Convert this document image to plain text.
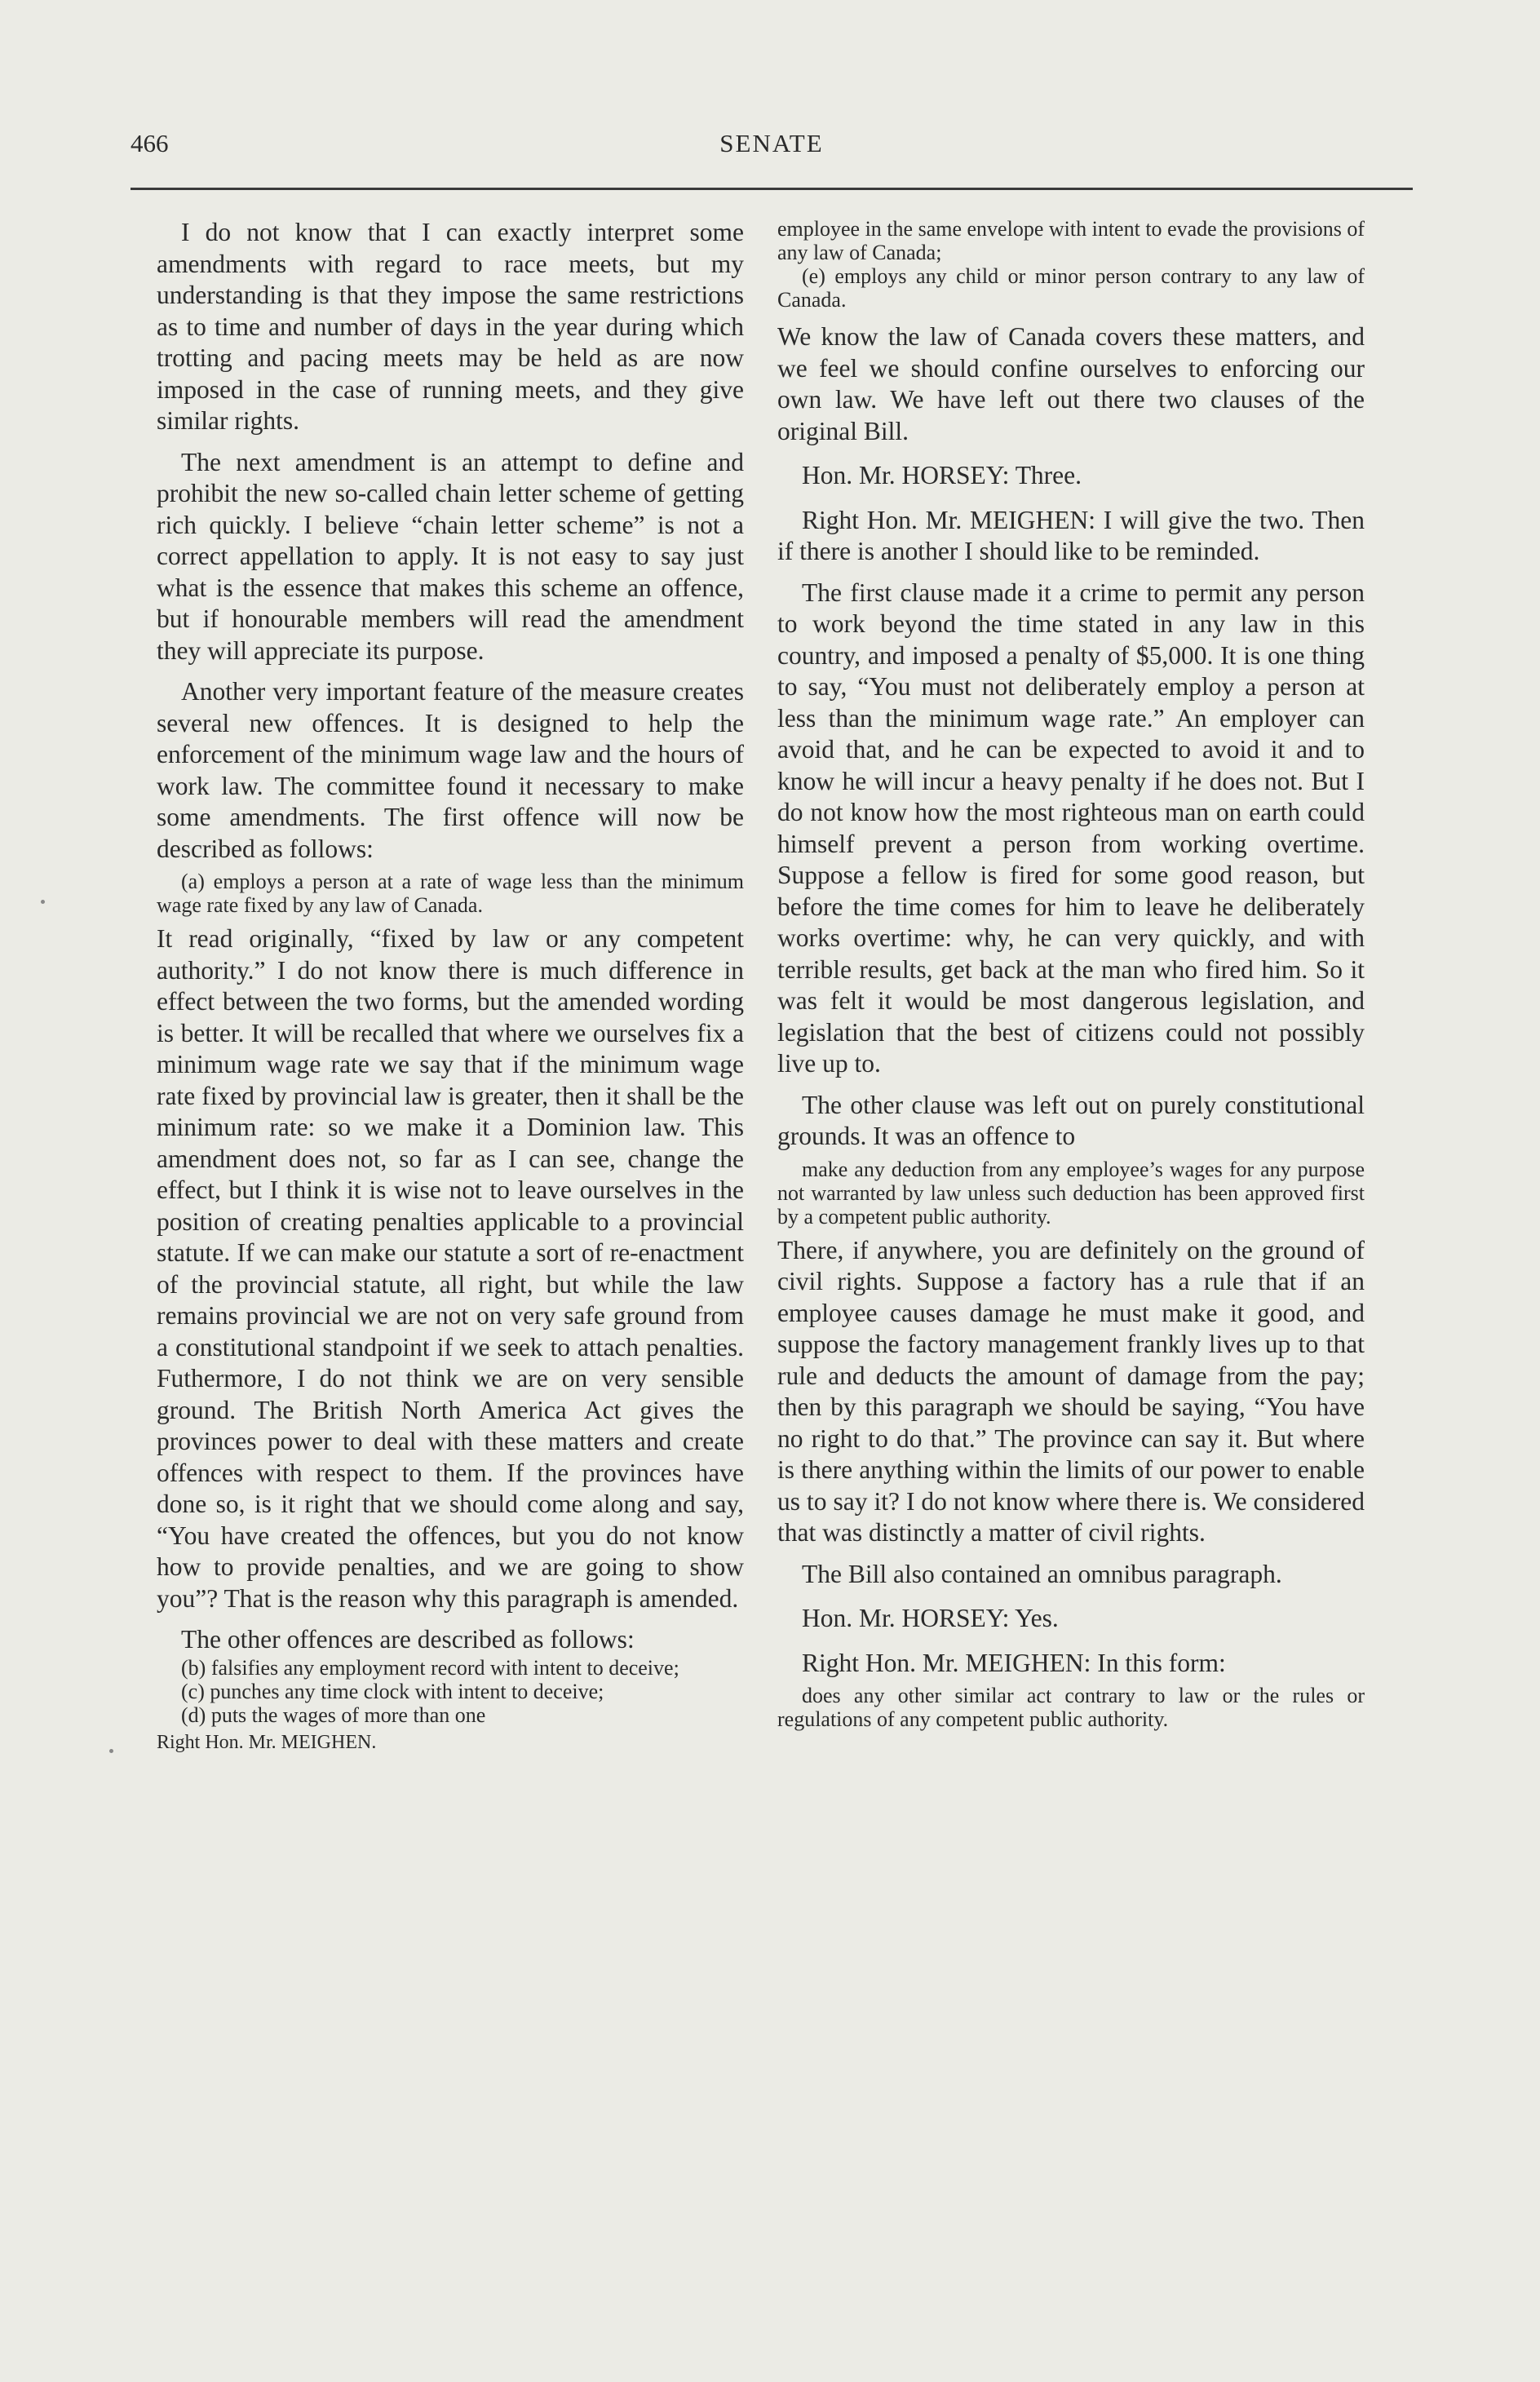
466	SENATE

I do not know that I can exactly interpret some amendments with regard to race meets, but my understanding is that they impose the same restrictions as to time and number of days in the year during which trotting and pacing meets may be held as are now imposed in the case of running meets, and they give similar rights.

The next amendment is an attempt to define and prohibit the new so-called chain letter scheme of getting rich quickly. I believe “chain letter scheme” is not a correct appellation to apply. It is not easy to say just what is the essence that makes this scheme an offence, but if honourable members will read the amendment they will appreciate its purpose.

Another very important feature of the measure creates several new offences. It is designed to help the enforcement of the minimum wage law and the hours of work law. The committee found it necessary to make some amendments. The first offence will now be described as follows:

(a) employs a person at a rate of wage less than the minimum wage rate fixed by any law of Canada.

It read originally, “fixed by law or any competent authority.” I do not know there is much difference in effect between the two forms, but the amended wording is better. It will be recalled that where we ourselves fix a minimum wage rate we say that if the minimum wage rate fixed by provincial law is greater, then it shall be the minimum rate: so we make it a Dominion law. This amendment does not, so far as I can see, change the effect, but I think it is wise not to leave ourselves in the position of creating penalties applicable to a provincial statute. If we can make our statute a sort of re-enactment of the provincial statute, all right, but while the law remains provincial we are not on very safe ground from a constitutional standpoint if we seek to attach penalties. Futhermore, I do not think we are on very sensible ground. The British North America Act gives the provinces power to deal with these matters and create offences with respect to them. If the provinces have done so, is it right that we should come along and say, “You have created the offences, but you do not know how to provide penalties, and we are going to show you”? That is the reason why this paragraph is amended.

The other offences are described as follows:

(b) falsifies any employment record with intent to deceive;
(c) punches any time clock with intent to deceive;
(d) puts the wages of more than one

Right Hon. Mr. MEIGHEN.

employee in the same envelope with intent to evade the provisions of any law of Canada;
(e) employs any child or minor person contrary to any law of Canada.

We know the law of Canada covers these matters, and we feel we should confine ourselves to enforcing our own law. We have left out there two clauses of the original Bill.

Hon. Mr. HORSEY: Three.

Right Hon. Mr. MEIGHEN: I will give the two. Then if there is another I should like to be reminded.

The first clause made it a crime to permit any person to work beyond the time stated in any law in this country, and imposed a penalty of $5,000. It is one thing to say, “You must not deliberately employ a person at less than the minimum wage rate.” An employer can avoid that, and he can be expected to avoid it and to know he will incur a heavy penalty if he does not. But I do not know how the most righteous man on earth could himself prevent a person from working overtime. Suppose a fellow is fired for some good reason, but before the time comes for him to leave he deliberately works overtime: why, he can very quickly, and with terrible results, get back at the man who fired him. So it was felt it would be most dangerous legislation, and legislation that the best of citizens could not possibly live up to.

The other clause was left out on purely constitutional grounds. It was an offence to

make any deduction from any employee’s wages for any purpose not warranted by law unless such deduction has been approved first by a competent public authority.

There, if anywhere, you are definitely on the ground of civil rights. Suppose a factory has a rule that if an employee causes damage he must make it good, and suppose the factory management frankly lives up to that rule and deducts the amount of damage from the pay; then by this paragraph we should be saying, “You have no right to do that.” The province can say it. But where is there anything within the limits of our power to enable us to say it? I do not know where there is. We considered that was distinctly a matter of civil rights.

The Bill also contained an omnibus paragraph.

Hon. Mr. HORSEY: Yes.

Right Hon. Mr. MEIGHEN: In this form:

does any other similar act contrary to law or the rules or regulations of any competent public authority.
